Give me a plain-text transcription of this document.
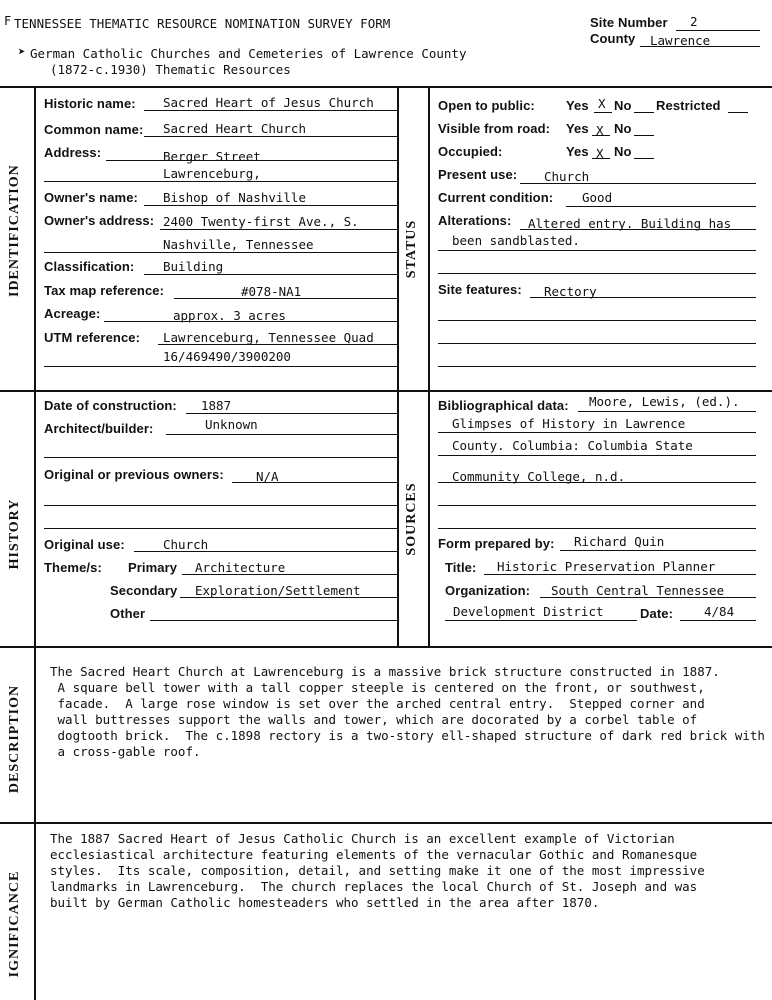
F TENNESSEE THEMATIC RESOURCE NOMINATION SURVEY FORM
➤ German Catholic Churches and Cemeteries of Lawrence County
(1872-c.1930) Thematic Resources
Site Number 2
County Lawrence
IDENTIFICATION	STATUS
HISTORY	SOURCES
DESCRIPTION
IGNIFICANCE
Historic name: Sacred Heart of Jesus Church
Common name: Sacred Heart Church
Address:	Berger Street
Lawrenceburg,
Owner's name: Bishop of Nashville
Owner's address: 2400 Twenty-first Ave., S.
Nashville, Tennessee
Classification: Building
Tax map reference:	#078-NA1
Acreage:	approx. 3 acres
UTM reference: Lawrenceburg, Tennessee Quad
16/469490/3900200
Open to public: Yes X No Restricted
Visible from road: Yes X No
Occupied:	Yes X No
Present use: Church
Current condition: Good
Alterations: Altered entry. Building has
been sandblasted.
Site features: Rectory
Date of construction: 1887
Architect/builder:	Unknown
Original or previous owners:	N/A
Original use:	Church
Theme/s: Primary Architecture
Secondary Exploration/Settlement
Other
Bibliographical data: Moore, Lewis, (ed.).
Glimpses of History in Lawrence
County. Columbia: Columbia State
Community College, n.d.
Form prepared by: Richard Quin
Title: Historic Preservation Planner
Organization: South Central Tennessee
Development District	Date: 4/84
The Sacred Heart Church at Lawrenceburg is a massive brick structure constructed in 1887.
A square bell tower with a tall copper steeple is centered on the front, or southwest,
facade.  A large rose window is set over the arched central entry.  Stepped corner and
wall buttresses support the walls and tower, which are docorated by a corbel table of
dogtooth brick.  The c.1898 rectory is a two-story ell-shaped structure of dark red brick with
a cross-gable roof.
The 1887 Sacred Heart of Jesus Catholic Church is an excellent example of Victorian
ecclesiastical architecture featuring elements of the vernacular Gothic and Romanesque
styles.  Its scale, composition, detail, and setting make it one of the most impressive
landmarks in Lawrenceburg.  The church replaces the local Church of St. Joseph and was
built by German Catholic homesteaders who settled in the area after 1870.
